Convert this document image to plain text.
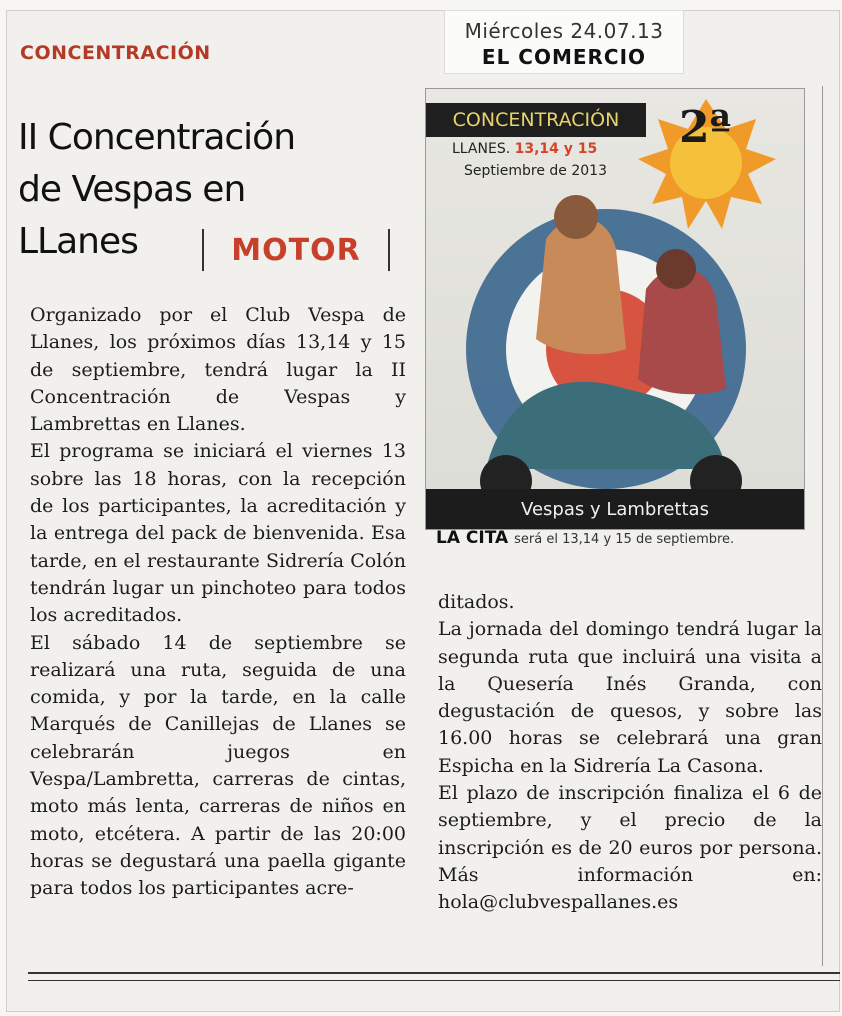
Miércoles 24.07.13
EL COMERCIO
CONCENTRACIÓN
II Concentración de Vespas en LLanes	MOTOR
CONCENTRACIÓN
LLANES. 13,14 y 15
Septiembre de 2013
2ª
Vespas y Lambrettas
LA CITA será el 13,14 y 15 de septiembre.

Organizado por el Club Vespa de Llanes, los próximos días 13,14 y 15 de septiembre, tendrá lugar la II Concentración de Vespas y Lambrettas en Llanes.

El programa se iniciará el viernes 13 sobre las 18 horas, con la recepción de los participantes, la acreditación y la entrega del pack de bienvenida. Esa tarde, en el restaurante Sidrería Colón tendrán lugar un pinchoteo para todos los acreditados.

El sábado 14 de septiembre se realizará una ruta, seguida de una comida, y por la tarde, en la calle Marqués de Canillejas de Llanes se celebrarán juegos en Vespa/Lambretta, carreras de cintas, moto más lenta, carreras de niños en moto, etcétera. A partir de las 20:00 horas se degustará una paella gigante para todos los participantes acre-

ditados.

La jornada del domingo tendrá lugar la segunda ruta que incluirá una visita a la Quesería Inés Granda, con degustación de quesos, y sobre las 16.00 horas se celebrará una gran Espicha en la Sidrería La Casona.

El plazo de inscripción finaliza el 6 de septiembre, y el precio de la inscripción es de 20 euros por persona. Más información en: hola@clubvespallanes.es
